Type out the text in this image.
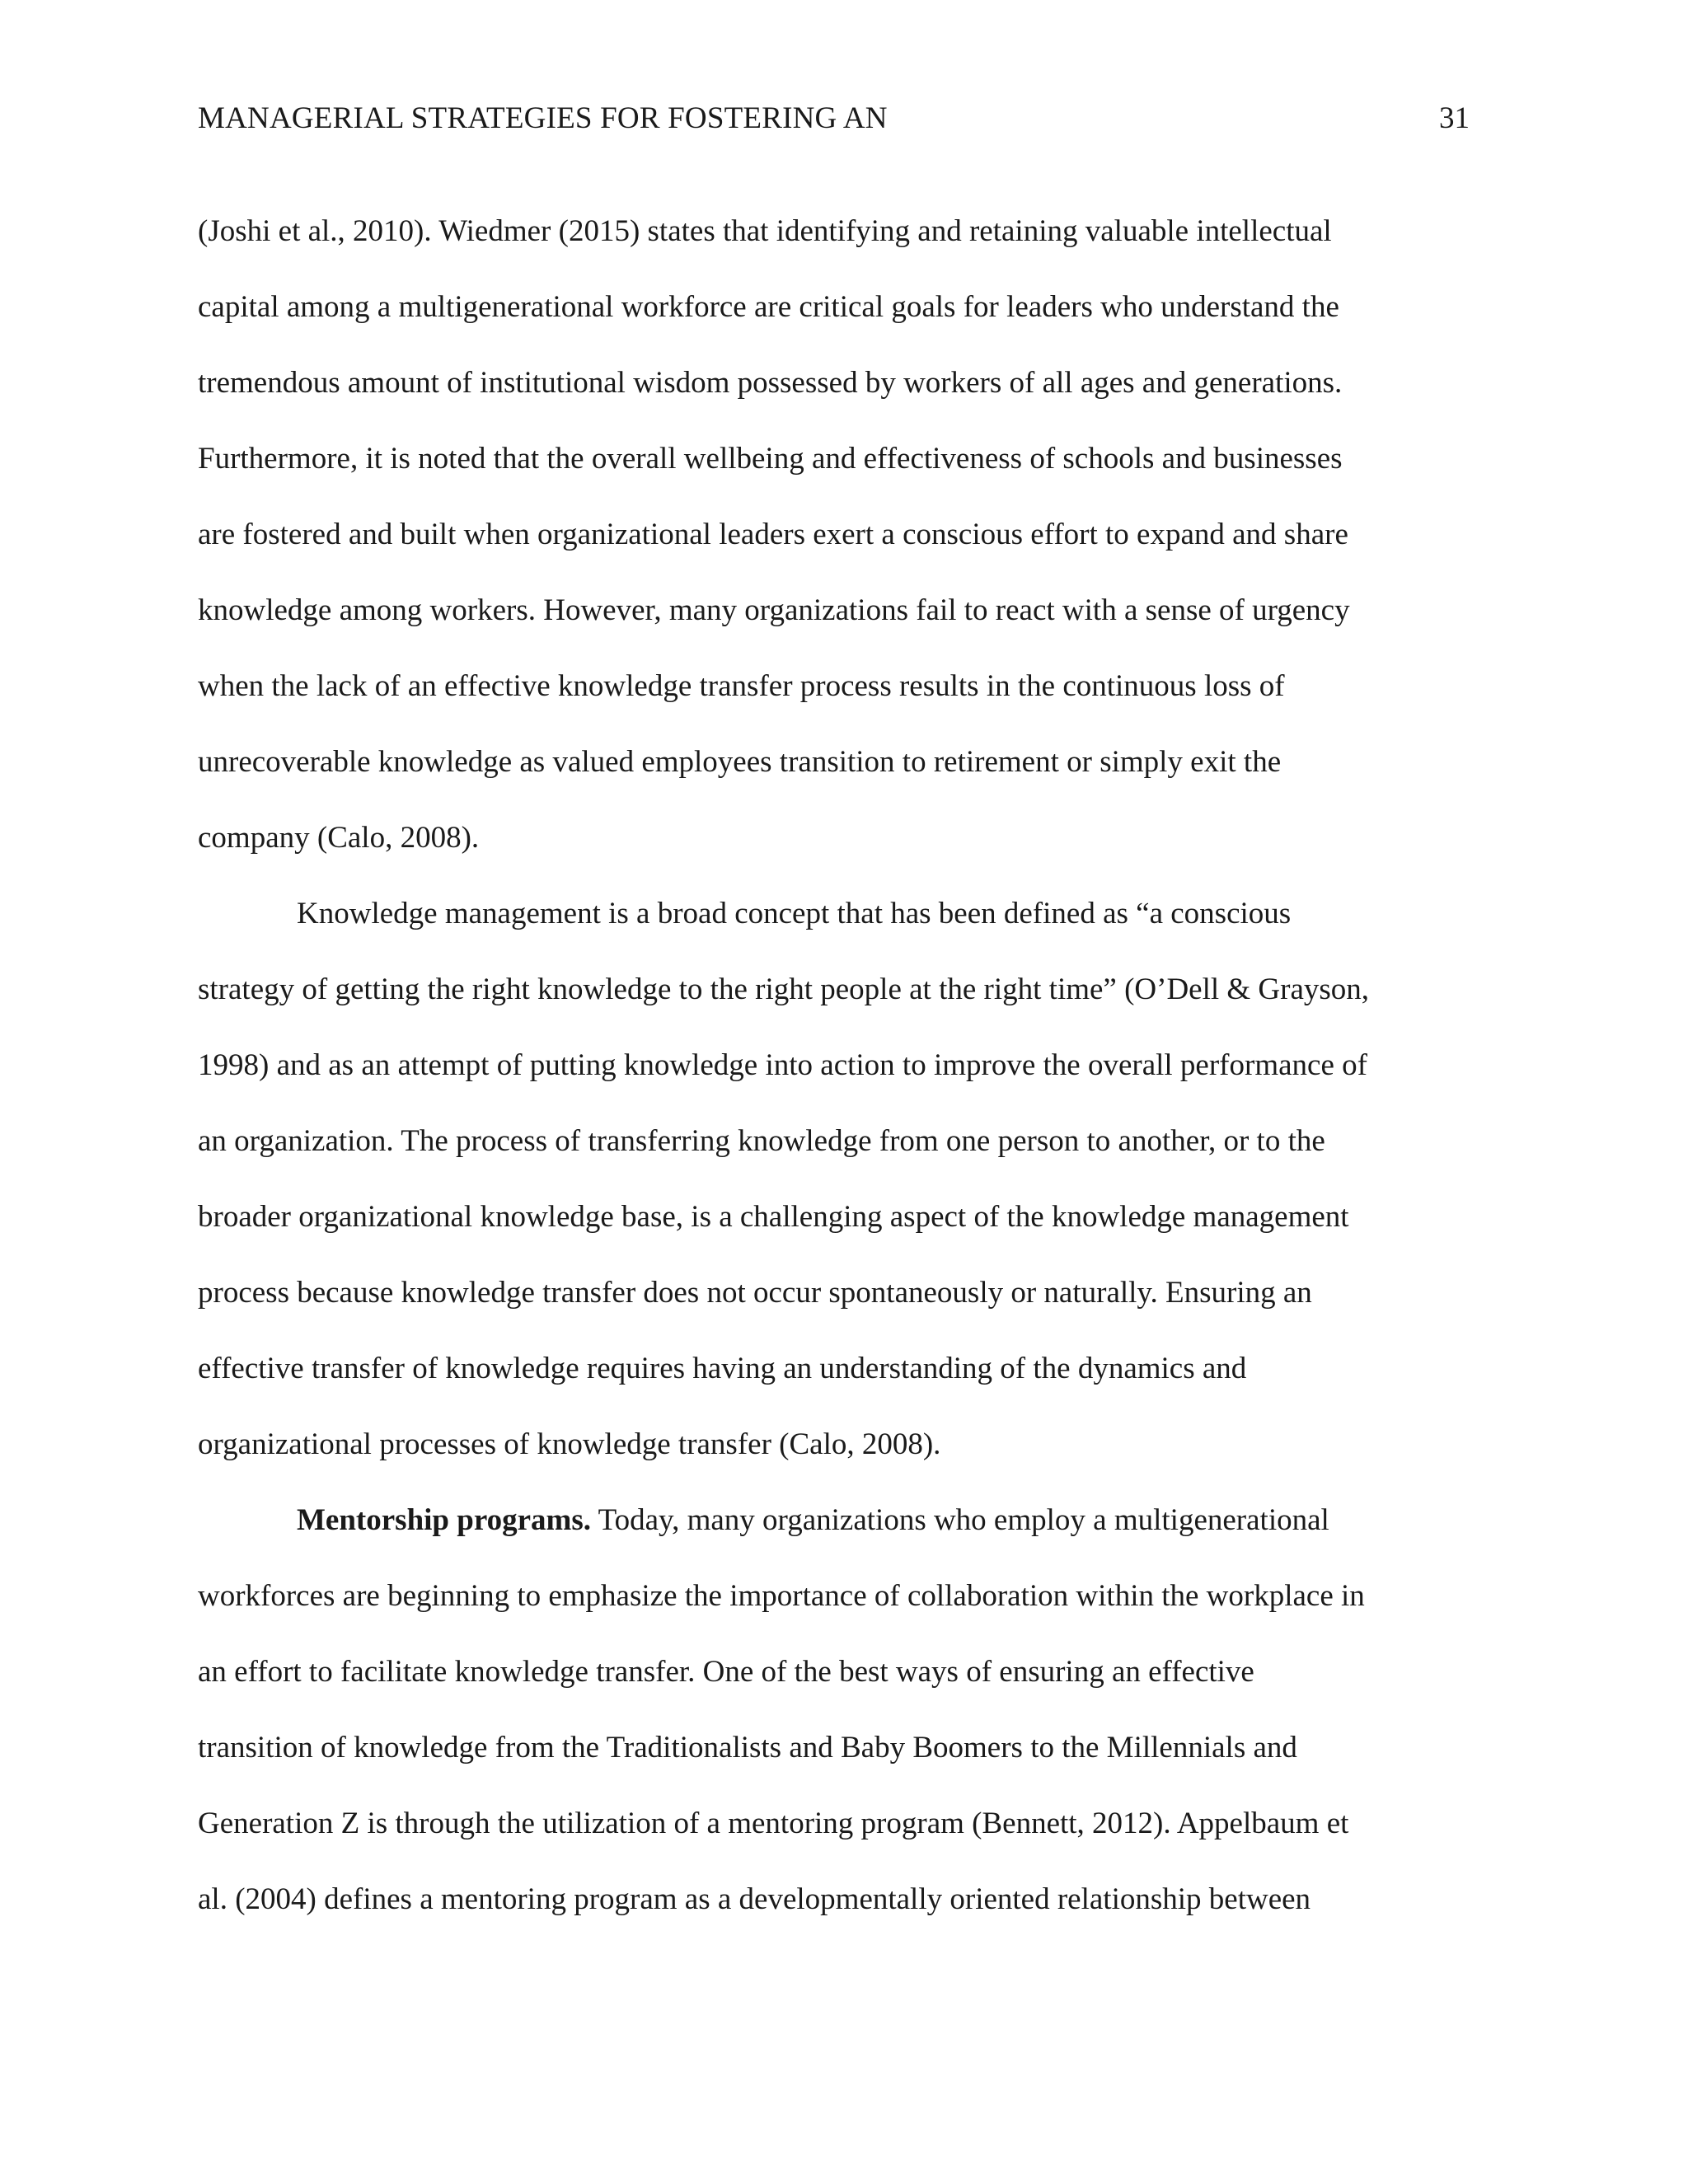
MANAGERIAL STRATEGIES FOR FOSTERING AN	31
(Joshi et al., 2010). Wiedmer (2015) states that identifying and retaining valuable intellectual
capital among a multigenerational workforce are critical goals for leaders who understand the
tremendous amount of institutional wisdom possessed by workers of all ages and generations.
Furthermore, it is noted that the overall wellbeing and effectiveness of schools and businesses
are fostered and built when organizational leaders exert a conscious effort to expand and share
knowledge among workers. However, many organizations fail to react with a sense of urgency
when the lack of an effective knowledge transfer process results in the continuous loss of
unrecoverable knowledge as valued employees transition to retirement or simply exit the
company (Calo, 2008).
Knowledge management is a broad concept that has been defined as “a conscious
strategy of getting the right knowledge to the right people at the right time” (O’Dell & Grayson,
1998) and as an attempt of putting knowledge into action to improve the overall performance of
an organization. The process of transferring knowledge from one person to another, or to the
broader organizational knowledge base, is a challenging aspect of the knowledge management
process because knowledge transfer does not occur spontaneously or naturally. Ensuring an
effective transfer of knowledge requires having an understanding of the dynamics and
organizational processes of knowledge transfer (Calo, 2008).
Mentorship programs. Today, many organizations who employ a multigenerational
workforces are beginning to emphasize the importance of collaboration within the workplace in
an effort to facilitate knowledge transfer. One of the best ways of ensuring an effective
transition of knowledge from the Traditionalists and Baby Boomers to the Millennials and
Generation Z is through the utilization of a mentoring program (Bennett, 2012). Appelbaum et
al. (2004) defines a mentoring program as a developmentally oriented relationship between
